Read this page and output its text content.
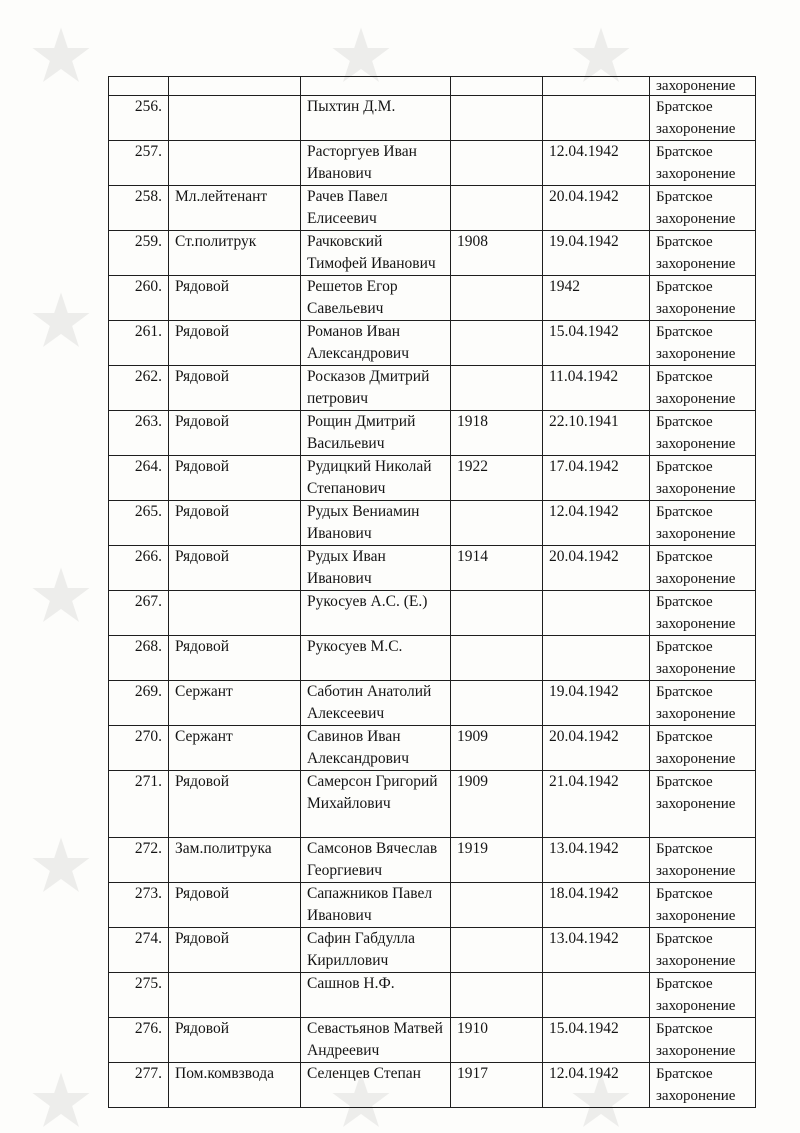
					захоронение
256.		Пыхтин Д.М.			Братское захоронение
257.		Расторгуев Иван Иванович		12.04.1942	Братское захоронение
258.	Мл.лейтенант	Рачев Павел Елисеевич		20.04.1942	Братское захоронение
259.	Ст.политрук	Рачковский Тимофей Иванович	1908	19.04.1942	Братское захоронение
260.	Рядовой	Решетов Егор Савельевич		1942	Братское захоронение
261.	Рядовой	Романов Иван Александрович		15.04.1942	Братское захоронение
262.	Рядовой	Росказов Дмитрий петрович		11.04.1942	Братское захоронение
263.	Рядовой	Рощин Дмитрий Васильевич	1918	22.10.1941	Братское захоронение
264.	Рядовой	Рудицкий Николай Степанович	1922	17.04.1942	Братское захоронение
265.	Рядовой	Рудых Вениамин Иванович		12.04.1942	Братское захоронение
266.	Рядовой	Рудых Иван Иванович	1914	20.04.1942	Братское захоронение
267.		Рукосуев А.С. (Е.)			Братское захоронение
268.	Рядовой	Рукосуев М.С.			Братское захоронение
269.	Сержант	Саботин Анатолий Алексеевич		19.04.1942	Братское захоронение
270.	Сержант	Савинов Иван Александрович	1909	20.04.1942	Братское захоронение
271.	Рядовой	Самерсон Григорий Михайлович	1909	21.04.1942	Братское захоронение
272.	Зам.политрука	Самсонов Вячеслав Георгиевич	1919	13.04.1942	Братское захоронение
273.	Рядовой	Сапажников Павел Иванович		18.04.1942	Братское захоронение
274.	Рядовой	Сафин Габдулла Кириллович		13.04.1942	Братское захоронение
275.		Сашнов Н.Ф.			Братское захоронение
276.	Рядовой	Севастьянов Матвей Андреевич	1910	15.04.1942	Братское захоронение
277.	Пом.комвзвода	Селенцев Степан	1917	12.04.1942	Братское захоронение
